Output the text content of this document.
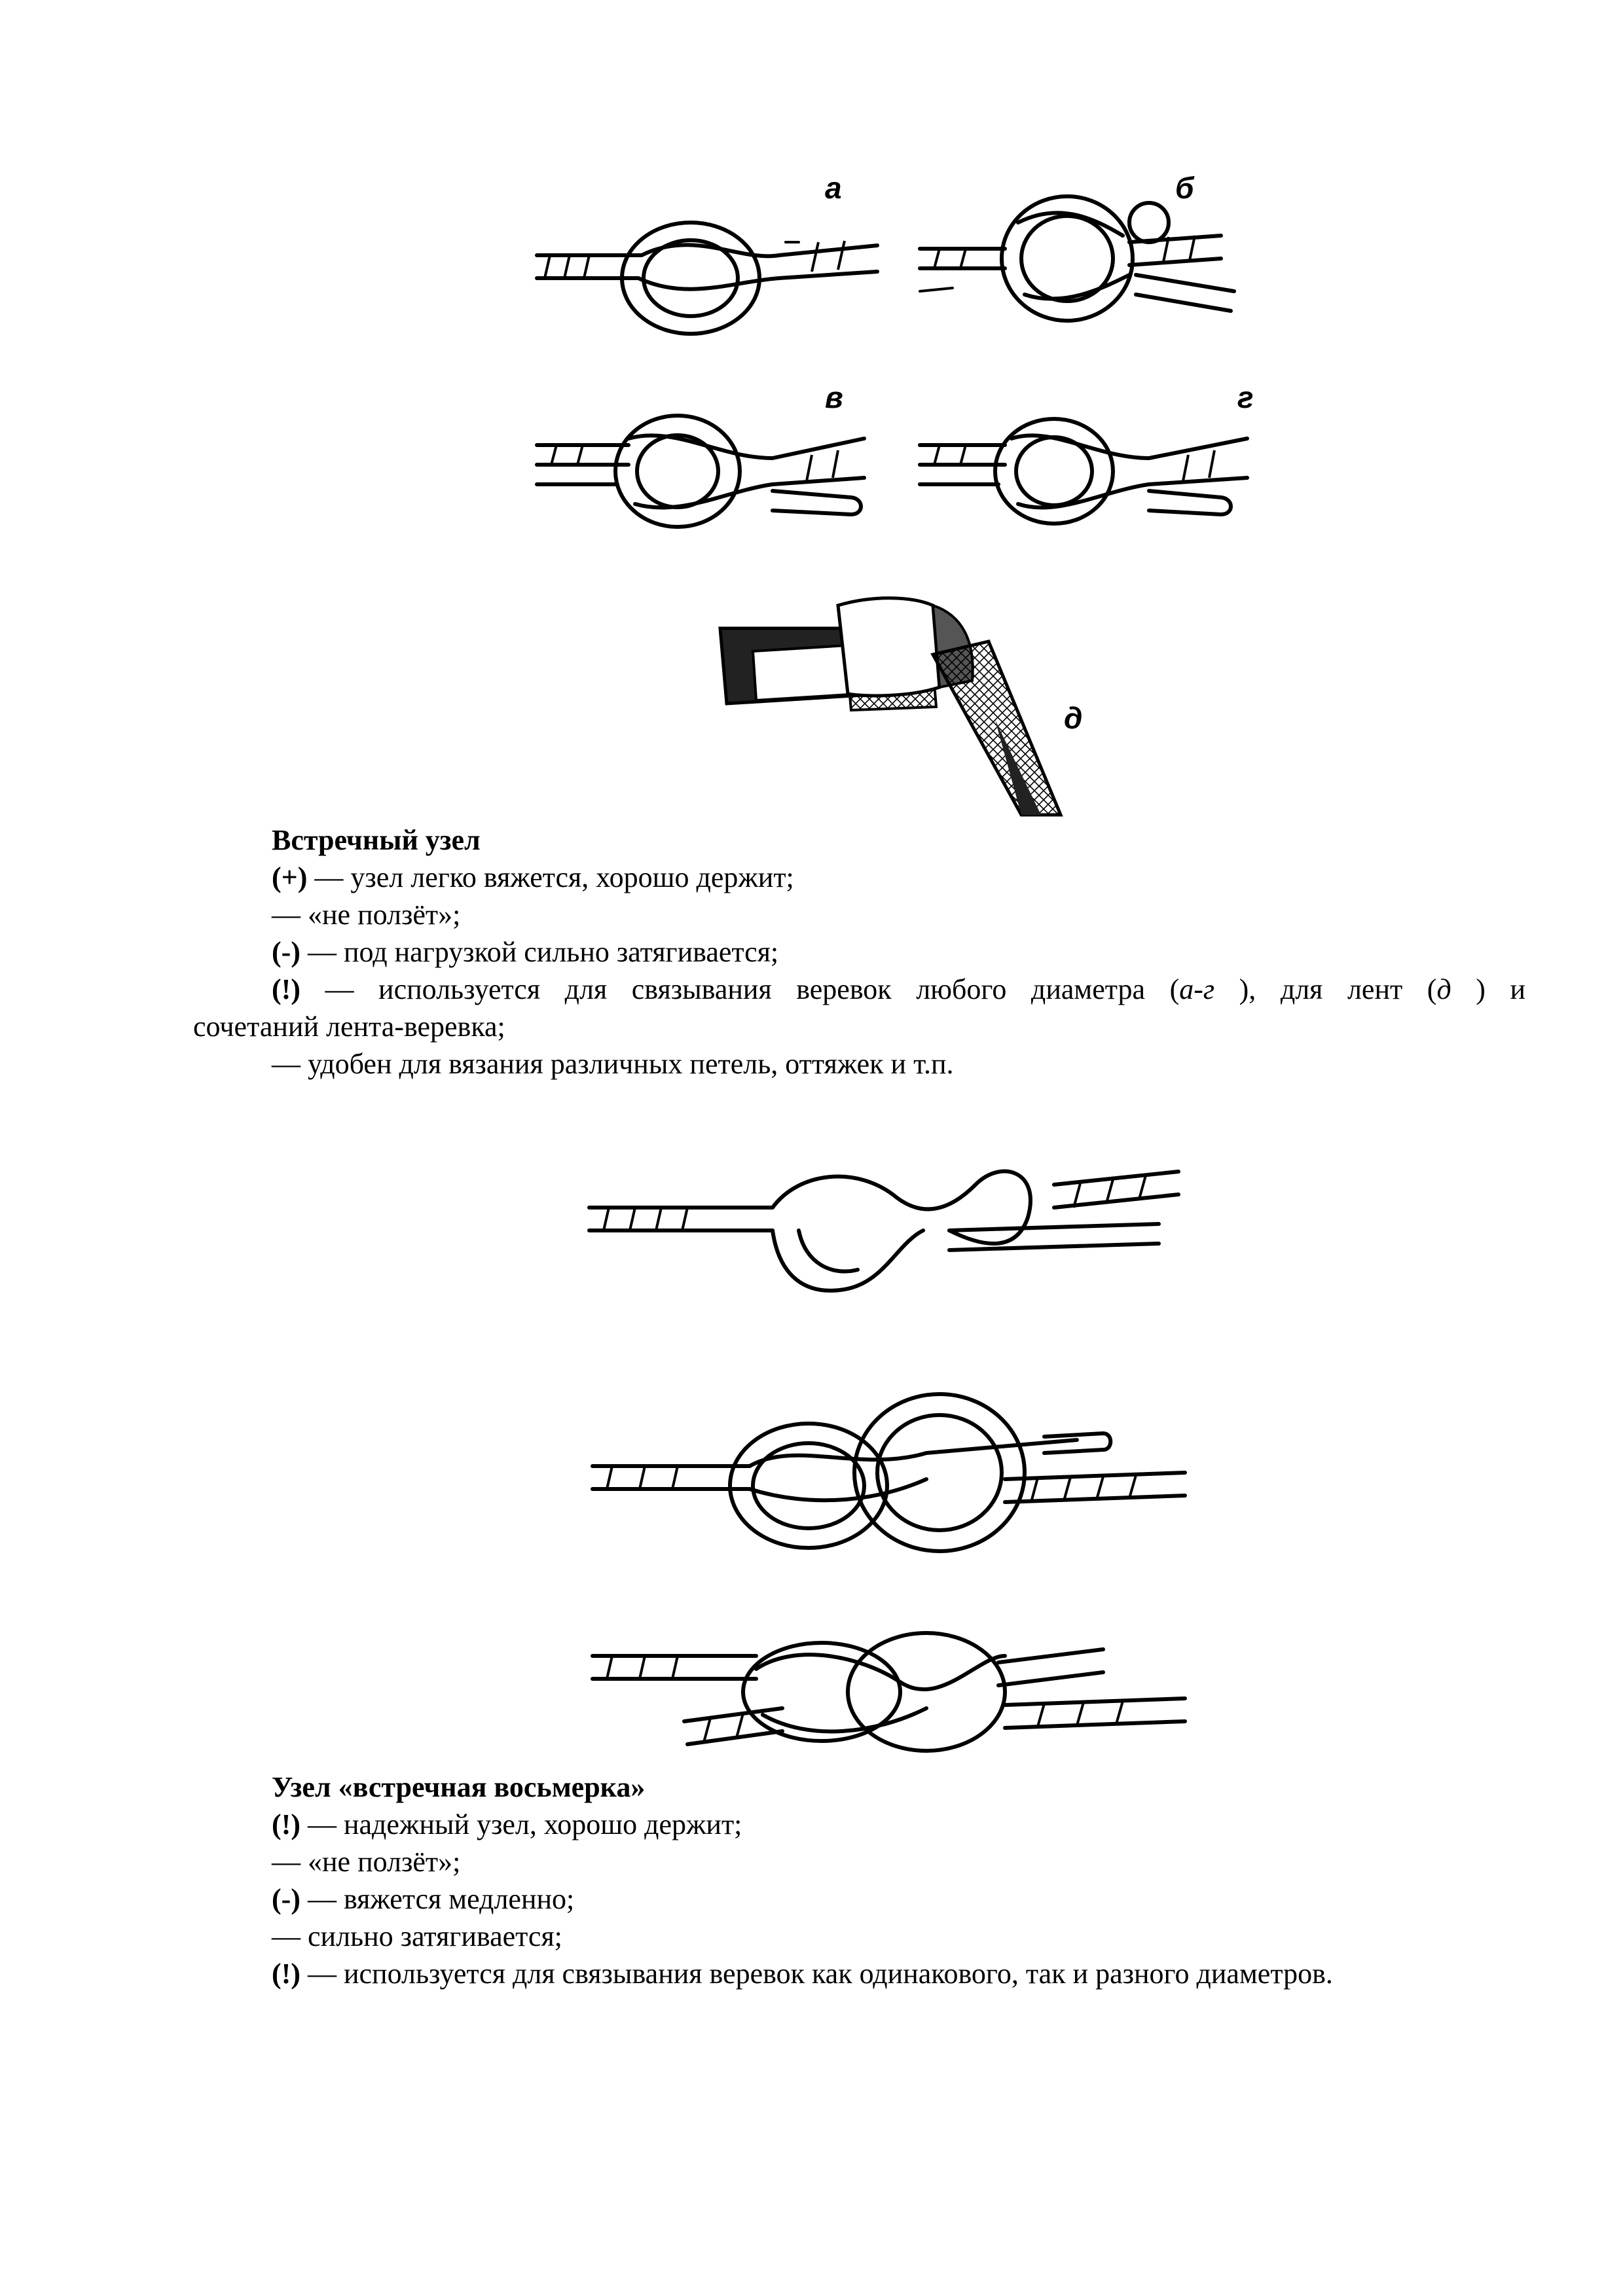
а	б
в	г
д
Встречный узел
(+) — узел легко вяжется, хорошо держит;
— «не ползёт»;
(-) — под нагрузкой сильно затягивается;
(!) — используется для связывания веревок любого диаметра (а-г ), для лент (д ) и
сочетаний лента-веревка;
— удобен для вязания различных петель, оттяжек и т.п.
Узел «встречная восьмерка»
(!) — надежный узел, хорошо держит;
— «не ползёт»;
(-) — вяжется медленно;
— сильно затягивается;
(!) — используется для связывания веревок как одинакового, так и разного диаметров.
